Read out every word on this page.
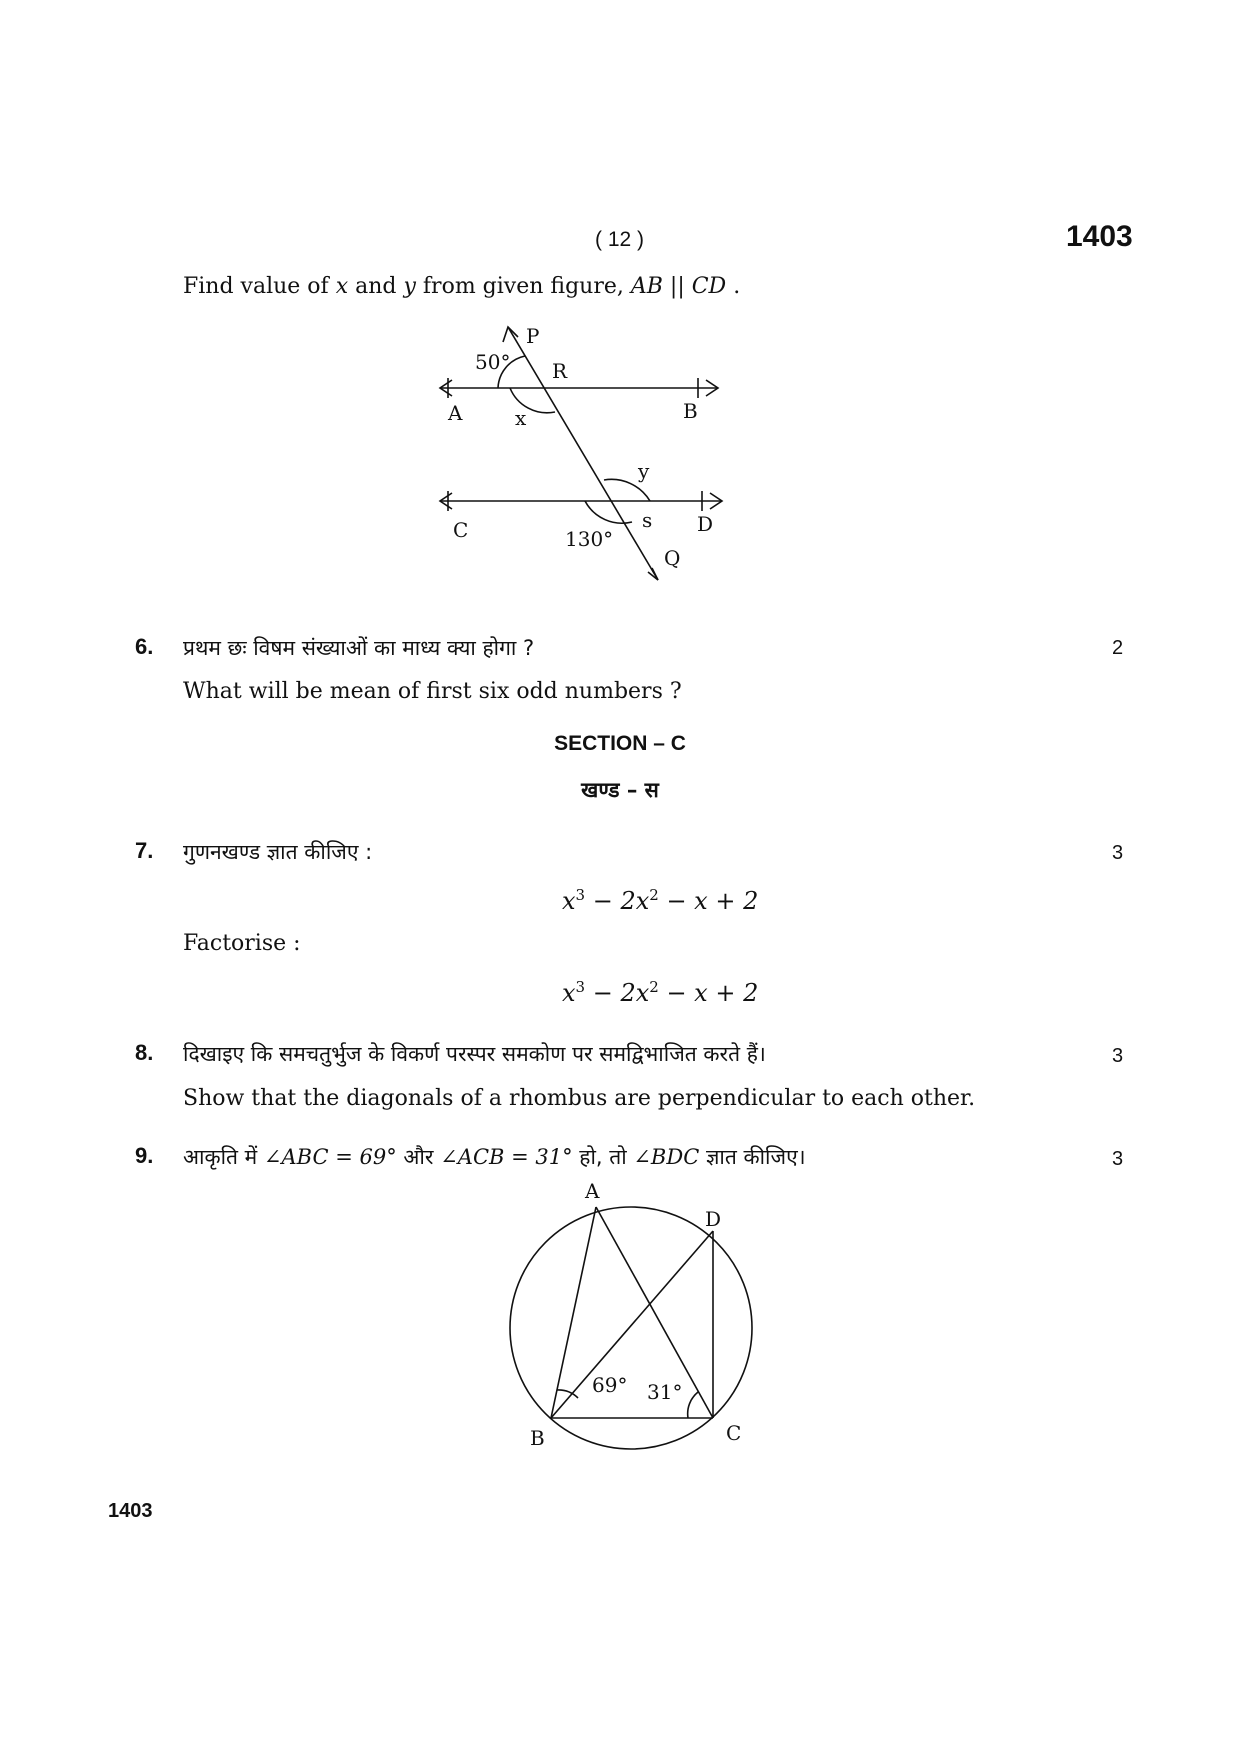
( 12 )	1403
Find value of x and y from given figure, AB || CD .
P
50° R
A	x	B
y
C	s D
130°
Q
6. प्रथम छः विषम संख्याओं का माध्य क्या होगा ?	2
What will be mean of first six odd numbers ?
SECTION – C
खण्ड – स
7. गुणनखण्ड ज्ञात कीजिए :	3
$x^3 - 2x^2 - x + 2$
Factorise :
$x^3 - 2x^2 - x + 2$
8. दिखाइए कि समचतुर्भुज के विकर्ण परस्पर समकोण पर समद्विभाजित करते हैं।	3
Show that the diagonals of a rhombus are perpendicular to each other.
9. आकृति में ∠ABC = 69° और ∠ACB = 31° हो, तो ∠BDC ज्ञात कीजिए।	3
A
D
B	C
69° 31°
1403
